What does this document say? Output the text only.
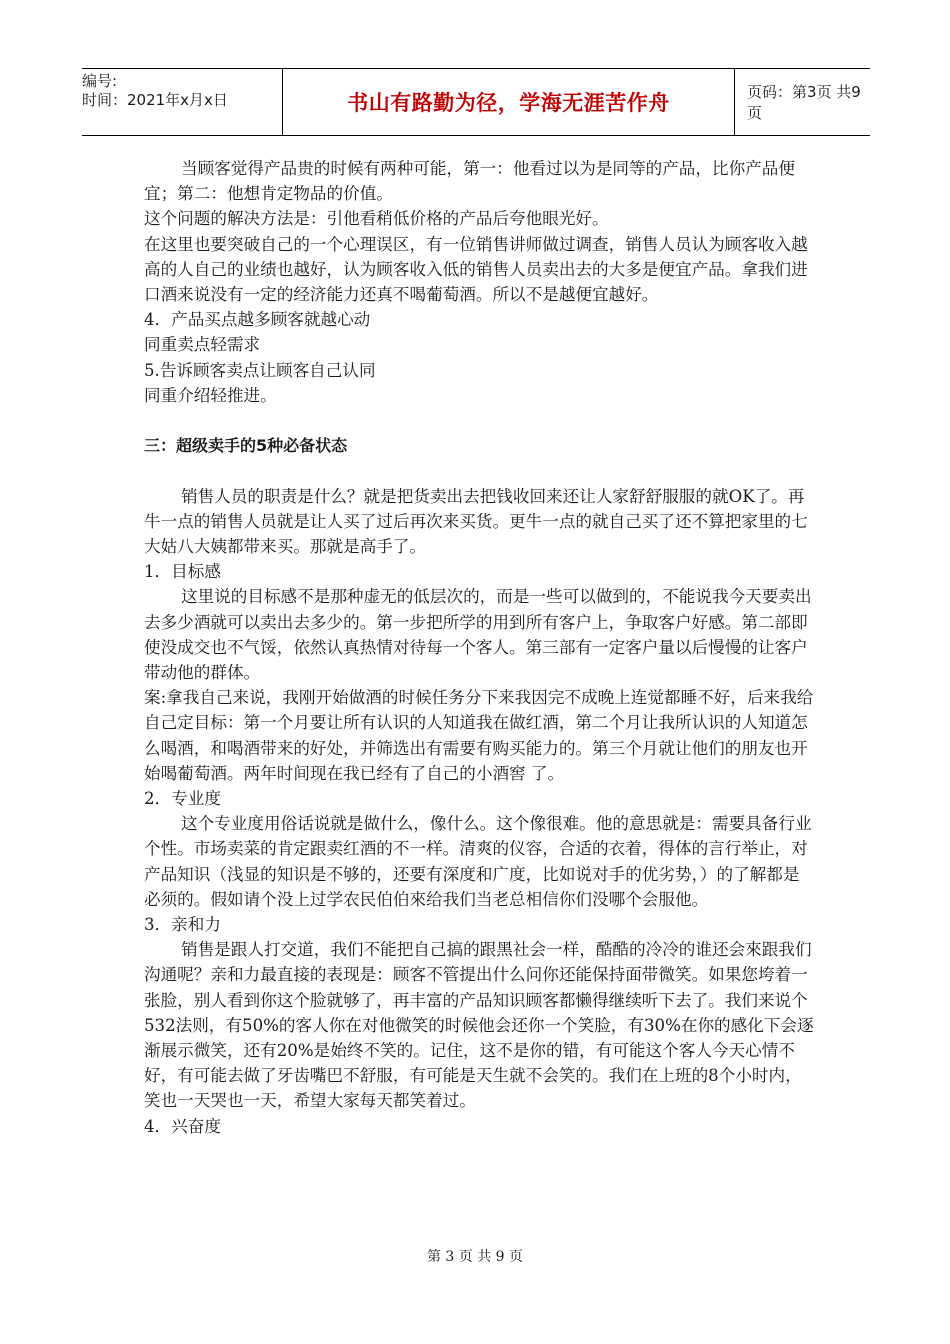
编号:
时间：2021年x月x日	书山有路勤为径，学海无涯苦作舟	页码：第3页 共9页

当顾客觉得产品贵的时候有两种可能，第一：他看过以为是同等的产品，比你产品便宜；第二：他想肯定物品的价值。

这个问题的解决方法是：引他看稍低价格的产品后夸他眼光好。

在这里也要突破自己的一个心理误区，有一位销售讲师做过调查，销售人员认为顾客收入越高的人自己的业绩也越好，认为顾客收入低的销售人员卖出去的大多是便宜产品。拿我们进口酒来说没有一定的经济能力还真不喝葡萄酒。所以不是越便宜越好。

4．产品买点越多顾客就越心动

同重卖点轻需求

5.告诉顾客卖点让顾客自己认同

同重介绍轻推进。

三：超级卖手的5种必备状态

销售人员的职责是什么？就是把货卖出去把钱收回来还让人家舒舒服服的就OK了。再牛一点的销售人员就是让人买了过后再次来买货。更牛一点的就自己买了还不算把家里的七大姑八大姨都带来买。那就是高手了。

1．目标感

这里说的目标感不是那种虚无的低层次的，而是一些可以做到的，不能说我今天要卖出去多少酒就可以卖出去多少的。第一步把所学的用到所有客户上，争取客户好感。第二部即使没成交也不气馁，依然认真热情对待每一个客人。第三部有一定客户量以后慢慢的让客户带动他的群体。

案:拿我自己来说，我刚开始做酒的时候任务分下来我因完不成晚上连觉都睡不好，后来我给自己定目标：第一个月要让所有认识的人知道我在做红酒，第二个月让我所认识的人知道怎么喝酒，和喝酒带来的好处，并筛选出有需要有购买能力的。第三个月就让他们的朋友也开始喝葡萄酒。两年时间现在我已经有了自己的小酒窖 了。

2．专业度

这个专业度用俗话说就是做什么，像什么。这个像很难。他的意思就是：需要具备行业个性。市场卖菜的肯定跟卖红酒的不一样。清爽的仪容，合适的衣着，得体的言行举止，对产品知识（浅显的知识是不够的，还要有深度和广度，比如说对手的优劣势，）的了解都是必须的。假如请个没上过学农民伯伯來给我们当老总相信你们没哪个会服他。

3．亲和力

销售是跟人打交道，我们不能把自己搞的跟黑社会一样，酷酷的冷冷的谁还会來跟我们沟通呢？亲和力最直接的表现是：顾客不管提出什么问你还能保持面带微笑。如果您垮着一张脸，别人看到你这个脸就够了，再丰富的产品知识顾客都懒得继续听下去了。我们来说个532法则，有50%的客人你在对他微笑的时候他会还你一个笑脸，有30%在你的感化下会逐渐展示微笑，还有20%是始终不笑的。记住，这不是你的错，有可能这个客人今天心情不好，有可能去做了牙齿嘴巴不舒服，有可能是天生就不会笑的。我们在上班的8个小时内，笑也一天哭也一天，希望大家每天都笑着过。

4．兴奋度

第 3 页 共 9 页
